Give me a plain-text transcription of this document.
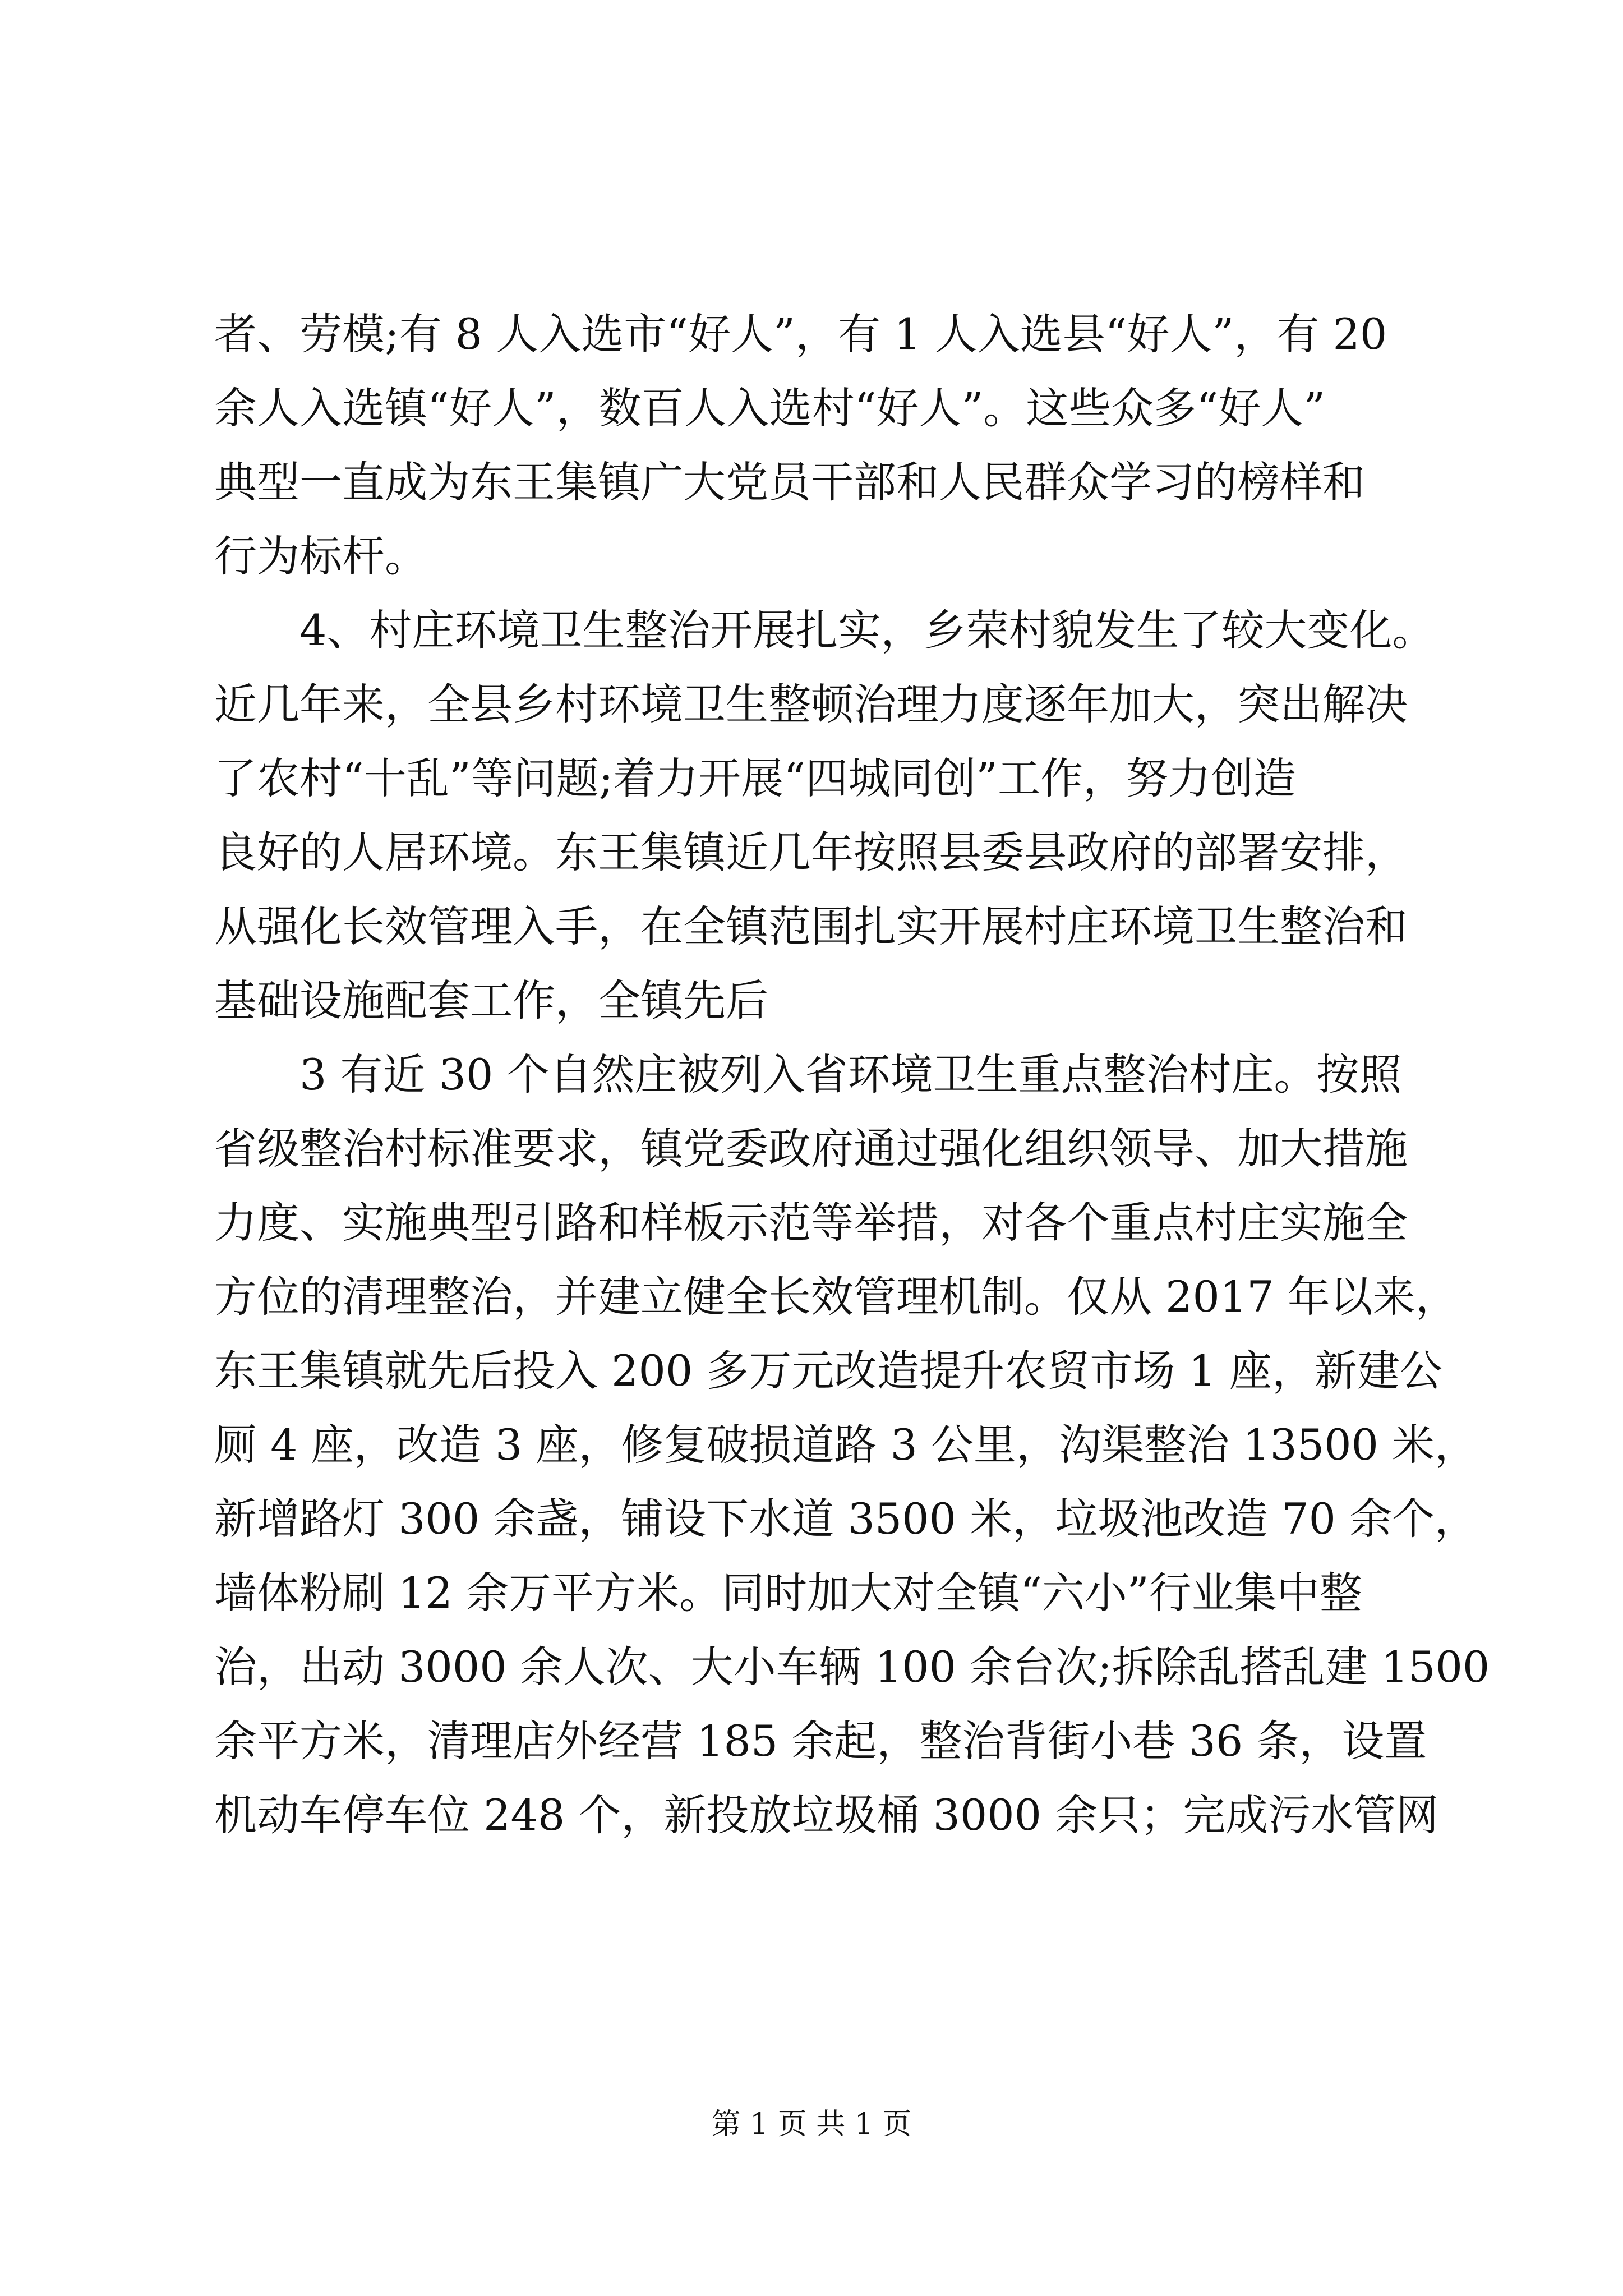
者、劳模;有 8 人入选市“好人”，有 1 人入选县“好人”，有 20
余人入选镇“好人”，数百人入选村“好人”。这些众多“好人”
典型一直成为东王集镇广大党员干部和人民群众学习的榜样和
行为标杆。
4、村庄环境卫生整治开展扎实，乡荣村貌发生了较大变化。
近几年来，全县乡村环境卫生整顿治理力度逐年加大，突出解决
了农村“十乱”等问题;着力开展“四城同创”工作，努力创造
良好的人居环境。东王集镇近几年按照县委县政府的部署安排，
从强化长效管理入手，在全镇范围扎实开展村庄环境卫生整治和
基础设施配套工作，全镇先后
3 有近 30 个自然庄被列入省环境卫生重点整治村庄。按照
省级整治村标准要求，镇党委政府通过强化组织领导、加大措施
力度、实施典型引路和样板示范等举措，对各个重点村庄实施全
方位的清理整治，并建立健全长效管理机制。仅从 2017 年以来，
东王集镇就先后投入 200 多万元改造提升农贸市场 1 座，新建公
厕 4 座，改造 3 座，修复破损道路 3 公里，沟渠整治 13500 米，
新增路灯 300 余盏，铺设下水道 3500 米，垃圾池改造 70 余个，
墙体粉刷 12 余万平方米。同时加大对全镇“六小”行业集中整
治，出动 3000 余人次、大小车辆 100 余台次;拆除乱搭乱建 1500
余平方米，清理店外经营 185 余起，整治背街小巷 36 条，设置
机动车停车位 248 个，新投放垃圾桶 3000 余只；完成污水管网
第 1 页 共 1 页
